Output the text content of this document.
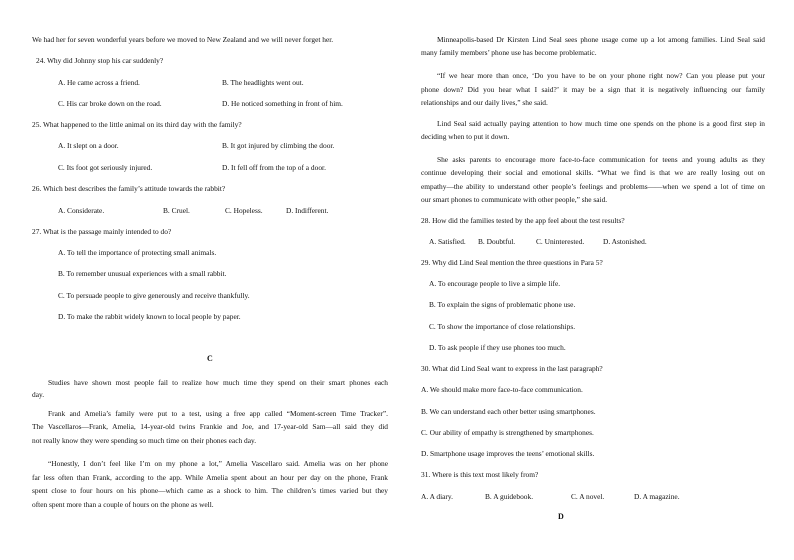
We had her for seven wonderful years before we moved to New Zealand and we will never forget her.
24. Why did Johnny stop his car suddenly?
A. He came across a friend.	B. The headlights went out.
C. His car broke down on the road.	D. He noticed something in front of him.
25. What happened to the little animal on its third day with the family?
A. It slept on a door.	B. It got injured by climbing the door.
C. Its foot got seriously injured.	D. It fell off from the top of a door.
26. Which best describes the family’s attitude towards the rabbit?
A. Considerate.	B. Cruel.	C. Hopeless.	D. Indifferent.
27. What is the passage mainly intended to do?
A. To tell the importance of protecting small animals.
B. To remember unusual experiences with a small rabbit.
C. To persuade people to give generously and receive thankfully.
D. To make the rabbit widely known to local people by paper.
C
Studies have shown most people fail to realize how much time they spend on their smart phones each
day.
Frank and Amelia’s family were put to a test, using a free app called “Moment-screen Time Tracker”.
The Vascellaros—Frank, Amelia, 14-year-old twins Frankie and Joe, and 17-year-old Sam—all said they did
not really know they were spending so much time on their phones each day.
“Honestly, I don’t feel like I’m on my phone a lot,” Amelia Vascellaro said. Amelia was on her phone
far less often than Frank, according to the app. While Amelia spent about an hour per day on the phone, Frank
spent close to four hours on his phone—which came as a shock to him. The children’s times varied but they
often spent more than a couple of hours on the phone as well.
Minneapolis-based Dr Kirsten Lind Seal sees phone usage come up a lot among families. Lind Seal said
many family members’ phone use has become problematic.
“If we hear more than once, ‘Do you have to be on your phone right now? Can you please put your
phone down? Did you hear what I said?’ it may be a sign that it is negatively influencing our family
relationships and our daily lives,” she said.
Lind Seal said actually paying attention to how much time one spends on the phone is a good first step in
deciding when to put it down.
She asks parents to encourage more face-to-face communication for teens and young adults as they
continue developing their social and emotional skills. “What we find is that we are really losing out on
empathy—the ability to understand other people’s feelings and problems——when we spend a lot of time on
our smart phones to communicate with other people,” she said.
28. How did the families tested by the app feel about the test results?
A. Satisfied. B. Doubtful.	C. Uninterested.	D. Astonished.
29. Why did Lind Seal mention the three questions in Para 5?
A. To encourage people to live a simple life.
B. To explain the signs of problematic phone use.
C. To show the importance of close relationships.
D. To ask people if they use phones too much.
30. What did Lind Seal want to express in the last paragraph?
A. We should make more face-to-face communication.
B. We can understand each other better using smartphones.
C. Our ability of empathy is strengthened by smartphones.
D. Smartphone usage improves the teens’ emotional skills.
31. Where is this text most likely from?
A. A diary.	B. A guidebook.	C. A novel.	D. A magazine.
D
